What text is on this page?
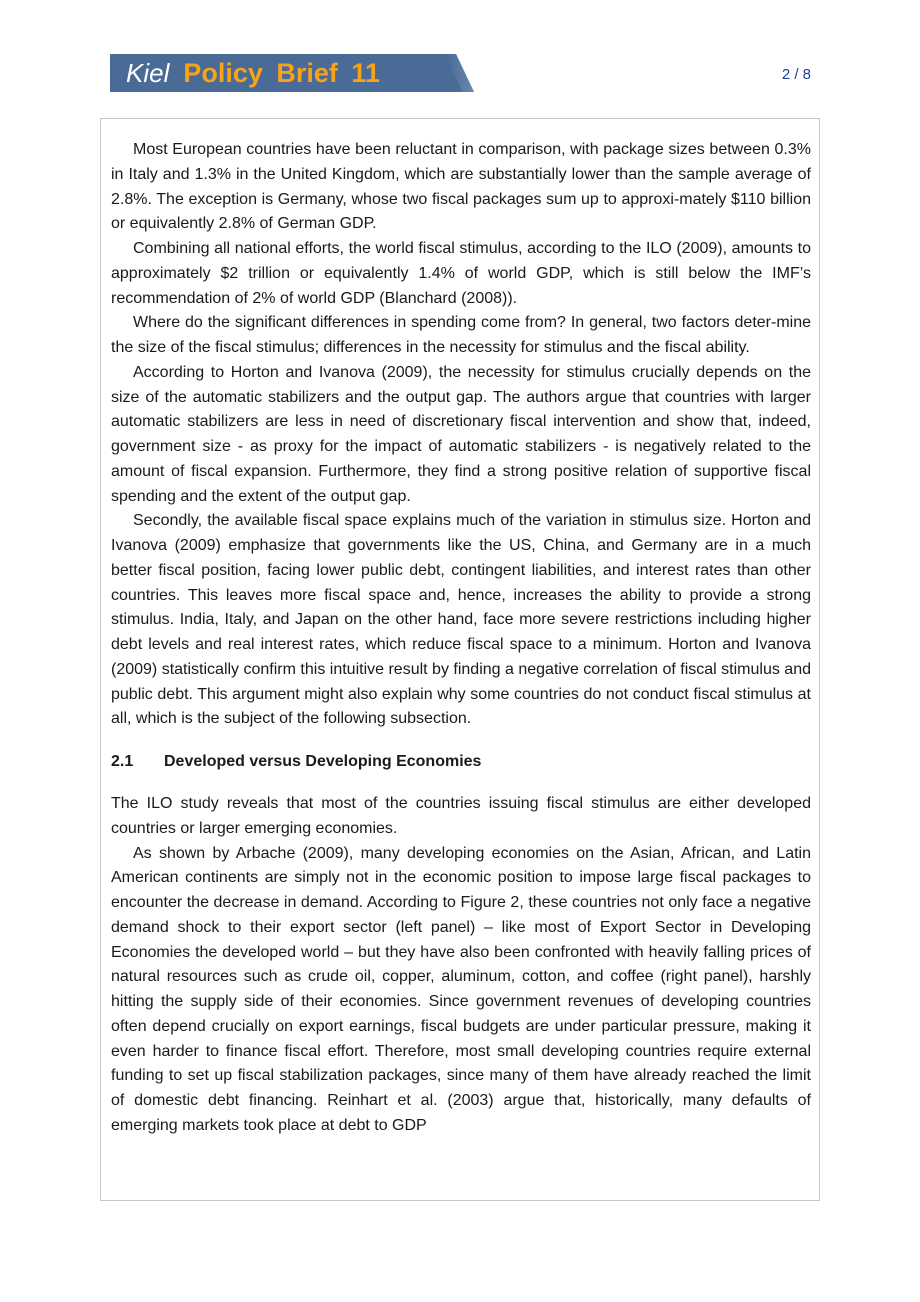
Kiel Policy Brief 11	2 / 8

Most European countries have been reluctant in comparison, with package sizes between 0.3% in Italy and 1.3% in the United Kingdom, which are substantially lower than the sample average of 2.8%. The exception is Germany, whose two fiscal packages sum up to approxi-mately $110 billion or equivalently 2.8% of German GDP.

Combining all national efforts, the world fiscal stimulus, according to the ILO (2009), amounts to approximately $2 trillion or equivalently 1.4% of world GDP, which is still below the IMF’s recommendation of 2% of world GDP (Blanchard (2008)).

Where do the significant differences in spending come from? In general, two factors deter-mine the size of the fiscal stimulus; differences in the necessity for stimulus and the fiscal ability.

According to Horton and Ivanova (2009), the necessity for stimulus crucially depends on the size of the automatic stabilizers and the output gap. The authors argue that countries with larger automatic stabilizers are less in need of discretionary fiscal intervention and show that, indeed, government size - as proxy for the impact of automatic stabilizers - is negatively related to the amount of fiscal expansion. Furthermore, they find a strong positive relation of supportive fiscal spending and the extent of the output gap.

Secondly, the available fiscal space explains much of the variation in stimulus size. Horton and Ivanova (2009) emphasize that governments like the US, China, and Germany are in a much better fiscal position, facing lower public debt, contingent liabilities, and interest rates than other countries. This leaves more fiscal space and, hence, increases the ability to provide a strong stimulus. India, Italy, and Japan on the other hand, face more severe restrictions including higher debt levels and real interest rates, which reduce fiscal space to a minimum. Horton and Ivanova (2009) statistically confirm this intuitive result by finding a negative correlation of fiscal stimulus and public debt. This argument might also explain why some countries do not conduct fiscal stimulus at all, which is the subject of the following subsection.

2.1 Developed versus Developing Economies

The ILO study reveals that most of the countries issuing fiscal stimulus are either developed countries or larger emerging economies.

As shown by Arbache (2009), many developing economies on the Asian, African, and Latin American continents are simply not in the economic position to impose large fiscal packages to encounter the decrease in demand. According to Figure 2, these countries not only face a negative demand shock to their export sector (left panel) – like most of Export Sector in Developing Economies the developed world – but they have also been confronted with heavily falling prices of natural resources such as crude oil, copper, aluminum, cotton, and coffee (right panel), harshly hitting the supply side of their economies. Since government revenues of developing countries often depend crucially on export earnings, fiscal budgets are under particular pressure, making it even harder to finance fiscal effort. Therefore, most small developing countries require external funding to set up fiscal stabilization packages, since many of them have already reached the limit of domestic debt financing. Reinhart et al. (2003) argue that, historically, many defaults of emerging markets took place at debt to GDP
